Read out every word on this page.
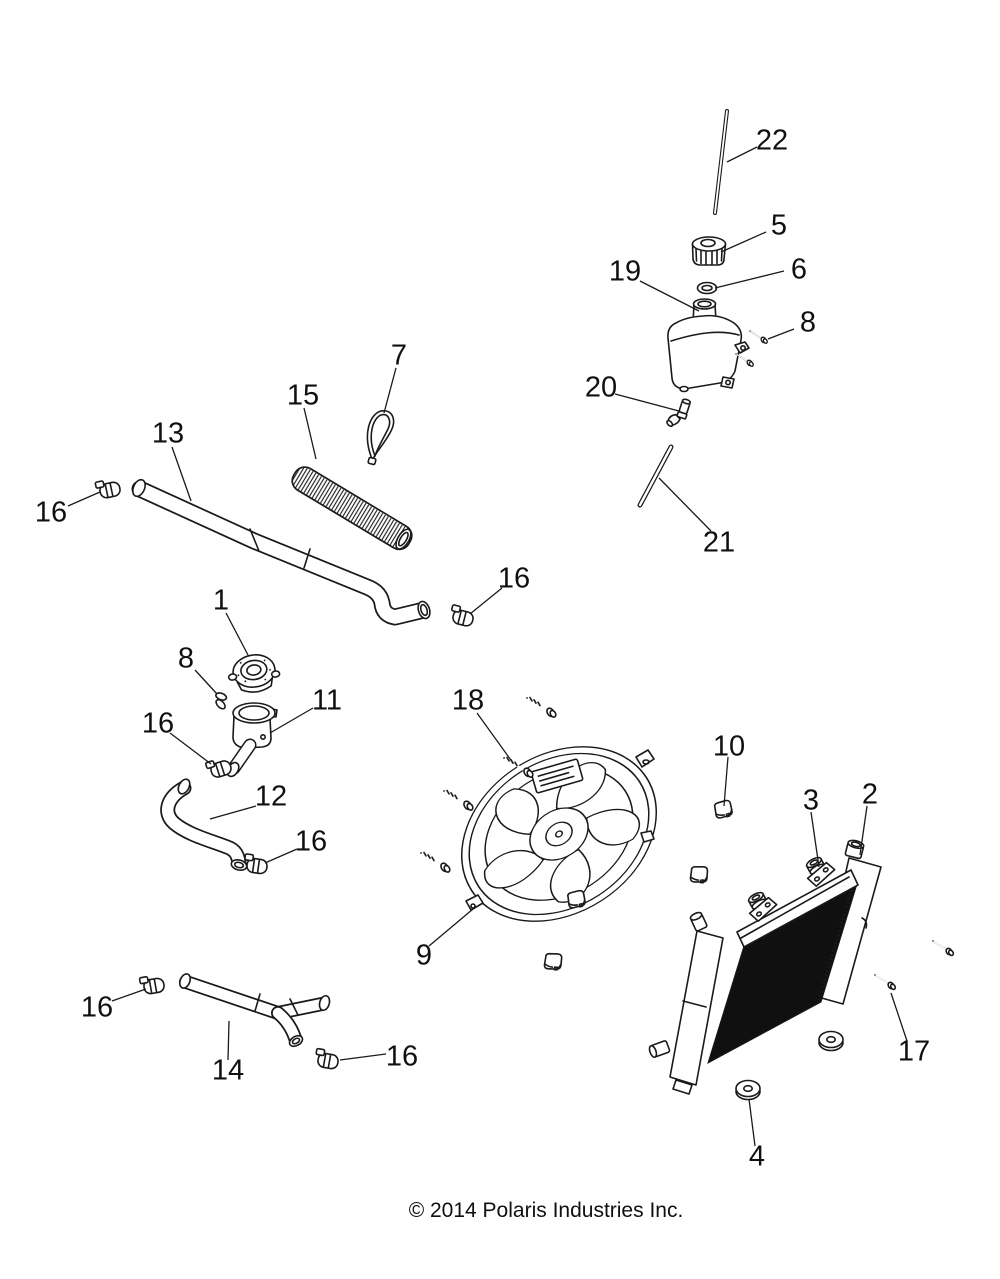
22
5
6
19
8
20
21
7
15
13
16
16
1
8
11
16
12
16
18
9
10
3 2
16
14	16	17
4
© 2014 Polaris Industries Inc.
